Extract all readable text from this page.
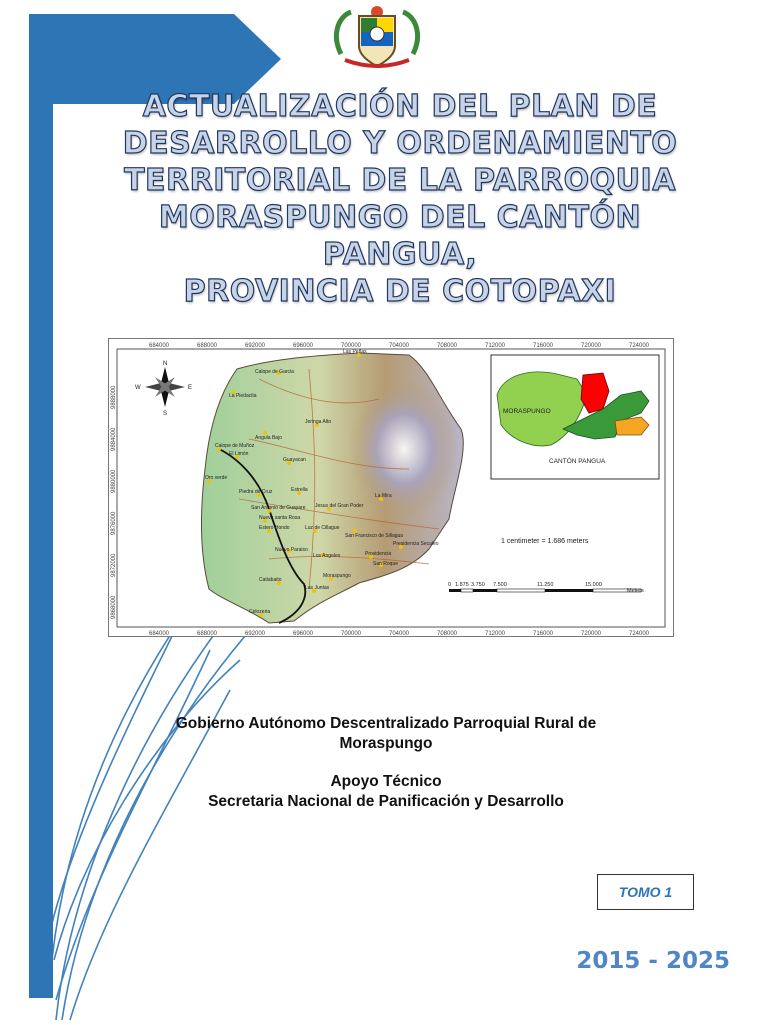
ACTUALIZACIÓN DEL PLAN DE
DESARROLLO Y ORDENAMIENTO
TERRITORIAL DE LA PARROQUIA
MORASPUNGO DEL CANTÓN PANGUA,
PROVINCIA DE COTOPAXI
684000	688000	692000	696000	700000	704000	708000	712000	716000	720000	724000
684000	688000	692000	696000	700000	704000	708000	712000	716000	720000	724000
9888000
9884000
9880000
9876000
9872000
9868000
Las Peñas
Calope de Garcia
La Piedacita
Jeringa Alto
Angula Bajo
Calope de Muñoz
El Limón
Guayacan
Oro verde
Piedra de Cruz	Estrella
San Antonio de Guayare Jesus del Gran Poder
Nueva santa Rosa
Estero Hondo	Luz de Cillague
San Francisco de Sillagua
La Mira
Presidencia Secaleo
Nuevo Paraiso
Los Angeles	Providencia
San Roque
Catiabaito
Moraspungo
Las Juntas
Celozeria
N
S
E
W
MORASPUNGO
CANTÓN PANGUA
1 centimeter = 1.686 meters
0 1.875 3.750 7.500	11.250	15.000
Meters
Gobierno Autónomo Descentralizado Parroquial Rural de
Moraspungo
Apoyo Técnico
Secretaria Nacional de Panificación y Desarrollo
TOMO 1
2015 - 2025
